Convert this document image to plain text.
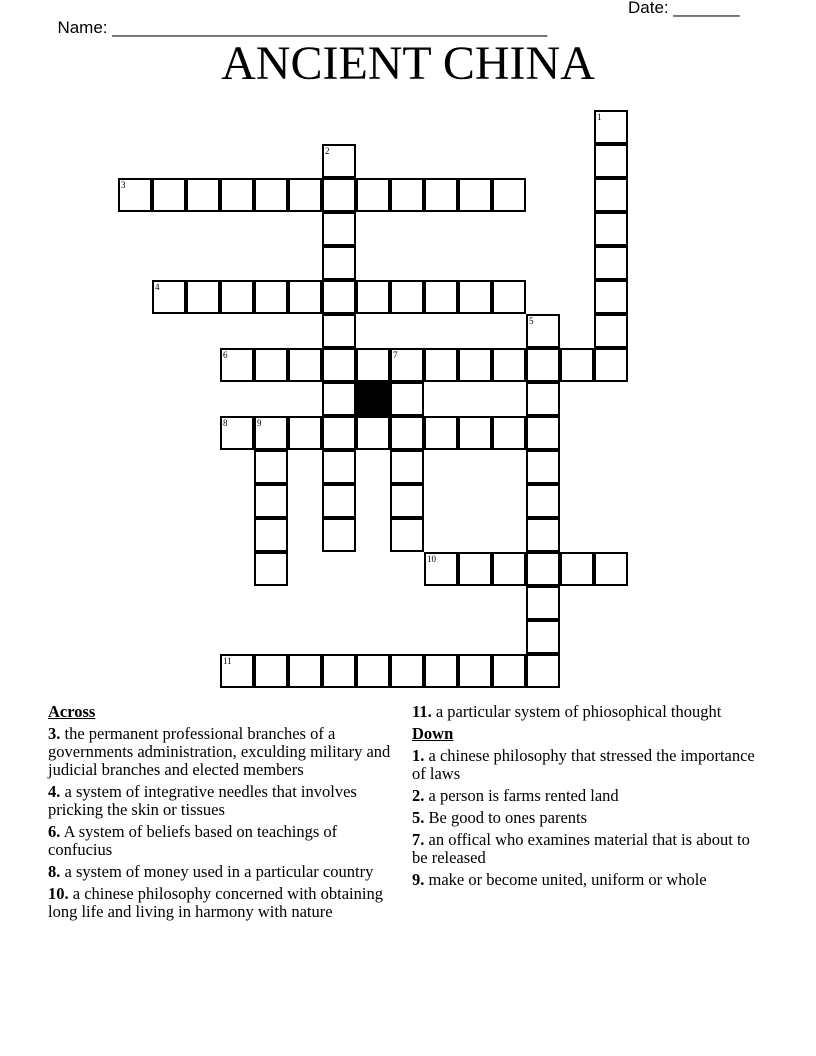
Name: ______________________________________________

Date: _______

ANCIENT CHINA
1
2
3
4
5
6	7
8	9
10
11
Across
3. the permanent professional branches of a governments administration, exculding military and judicial branches and elected members
4. a system of integrative needles that involves pricking the skin or tissues
6. A system of beliefs based on teachings of confucius
8. a system of money used in a particular country
10. a chinese philosophy concerned with obtaining long life and living in harmony with nature
11. a particular system of phiosophical thought
Down
1. a chinese philosophy that stressed the importance of laws
2. a person is farms rented land
5. Be good to ones parents
7. an offical who examines material that is about to be released
9. make or become united, uniform or whole
